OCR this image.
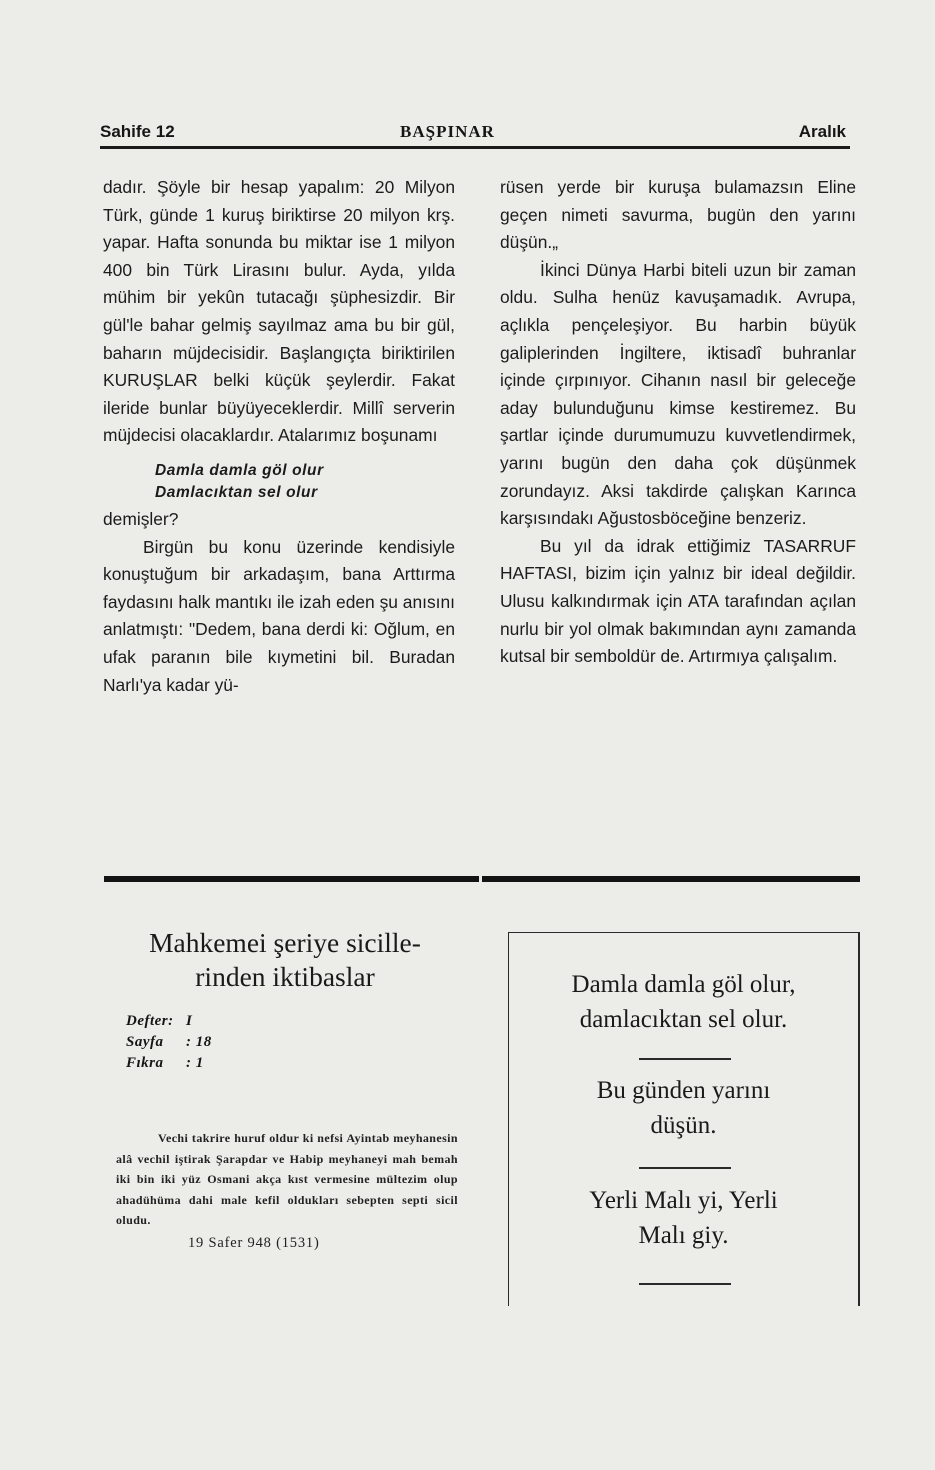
Sahife 12	BAŞPINAR	Aralık

dadır. Şöyle bir hesap yapalım: 20 Milyon Türk, günde 1 kuruş biriktirse 20 milyon krş. yapar. Hafta sonunda bu miktar ise 1 milyon 400 bin Türk Lirasını bulur. Ayda, yılda mühim bir yekûn tutacağı şüphesizdir. Bir gül'le bahar gelmiş sayılmaz ama bu bir gül, baharın müjdecisidir. Başlangıçta biriktirilen KURUŞLAR belki küçük şeylerdir. Fakat ileride bunlar büyüyeceklerdir. Millî serverin müjdecisi olacaklardır. Atalarımız boşunamı

Damla damla göl olur
Damlacıktan sel olur

demişler?

Birgün bu konu üzerinde kendisiyle konuştuğum bir arkadaşım, bana Arttırma faydasını halk mantıkı ile izah eden şu anısını anlatmıştı: "Dedem, bana derdi ki: Oğlum, en ufak paranın bile kıymetini bil. Buradan Narlı'ya kadar yü-

rüsen yerde bir kuruşa bulamazsın Eline geçen nimeti savurma, bugün den yarını düşün.„

İkinci Dünya Harbi biteli uzun bir zaman oldu. Sulha henüz kavuşamadık. Avrupa, açlıkla pençeleşiyor. Bu harbin büyük galiplerinden İngiltere, iktisadî buhranlar içinde çırpınıyor. Cihanın nasıl bir geleceğe aday bulunduğunu kimse kestiremez. Bu şartlar içinde durumumuzu kuvvetlendirmek, yarını bugün den daha çok düşünmek zorundayız. Aksi takdirde çalışkan Karınca karşısındakı Ağustosböceğine benzeriz.

Bu yıl da idrak ettiğimiz TASARRUF HAFTASI, bizim için yalnız bir ideal değildir. Ulusu kalkındırmak için ATA tarafından açılan nurlu bir yol olmak bakımından aynı zamanda kutsal bir semboldür de. Artırmıya çalışalım.

Mahkemei şeriye sicille-
rinden iktibaslar
Defter: I
Sayfa : 18
Fıkra : 1

Vechi takrire huruf oldur ki nefsi Ayintab meyhanesin alâ vechil iştirak Şarapdar ve Habip meyhaneyi mah bemah iki bin iki yüz Osmani akça kıst vermesine mültezim olup ahadühüma dahi male kefil oldukları sebepten septi sicil oludu.

19 Safer 948 (1531)
Damla damla göl olur,
damlacıktan sel olur.
Bu günden yarını
düşün.
Yerli Malı yi, Yerli
Malı giy.
